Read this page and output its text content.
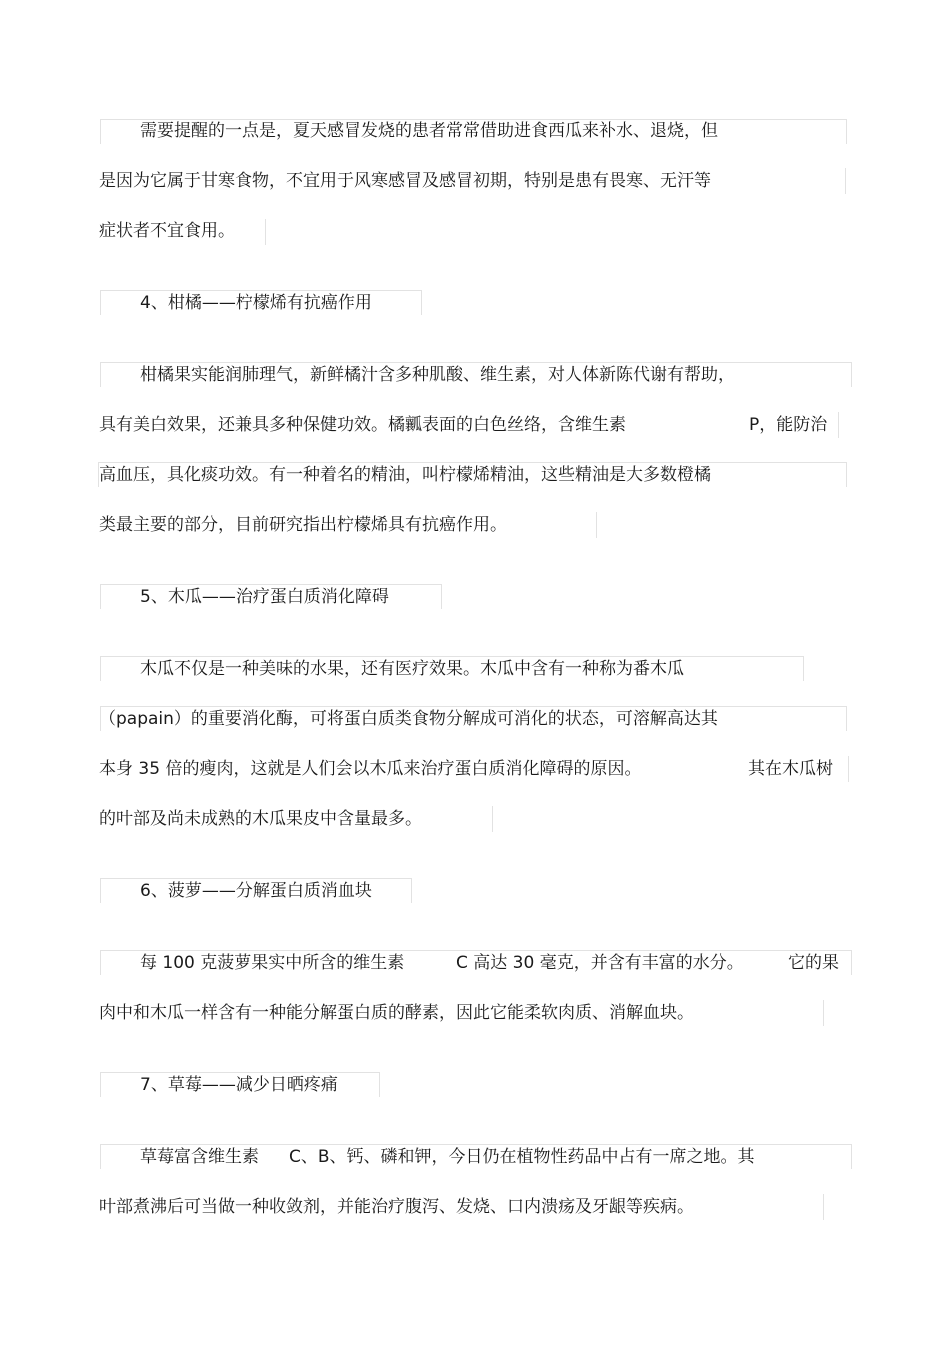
需要提醒的一点是，夏天感冒发烧的患者常常借助进食西瓜来补水、退烧，但
是因为它属于甘寒食物，不宜用于风寒感冒及感冒初期，特别是患有畏寒、无汗等
症状者不宜食用。
4、柑橘——柠檬烯有抗癌作用
柑橘果实能润肺理气，新鲜橘汁含多种肌酸、维生素，对人体新陈代谢有帮助，
具有美白效果，还兼具多种保健功效。橘瓤表面的白色丝络，含维生素	P，能防治
高血压，具化痰功效。有一种着名的精油，叫柠檬烯精油，这些精油是大多数橙橘
类最主要的部分，目前研究指出柠檬烯具有抗癌作用。
5、木瓜——治疗蛋白质消化障碍
木瓜不仅是一种美味的水果，还有医疗效果。木瓜中含有一种称为番木瓜
（papain）的重要消化酶，可将蛋白质类食物分解成可消化的状态，可溶解高达其
本身 35 倍的瘦肉，这就是人们会以木瓜来治疗蛋白质消化障碍的原因。	其在木瓜树
的叶部及尚未成熟的木瓜果皮中含量最多。
6、菠萝——分解蛋白质消血块
每 100 克菠萝果实中所含的维生素	C 高达 30 毫克，并含有丰富的水分。	它的果
肉中和木瓜一样含有一种能分解蛋白质的酵素，因此它能柔软肉质、消解血块。
7、草莓——减少日晒疼痛
草莓富含维生素 C、B、钙、磷和钾，今日仍在植物性药品中占有一席之地。其
叶部煮沸后可当做一种收敛剂，并能治疗腹泻、发烧、口内溃疡及牙龈等疾病。
